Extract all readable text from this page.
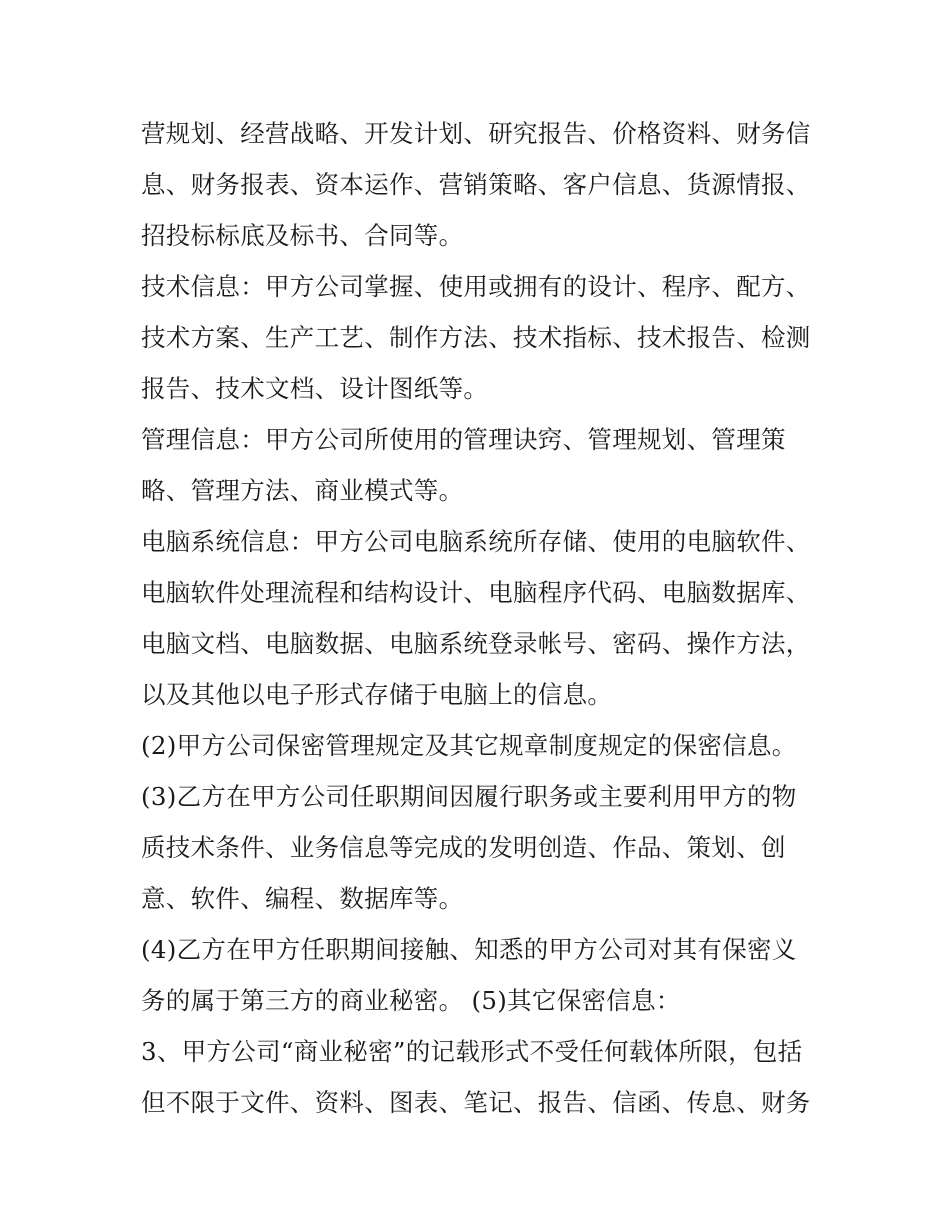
营规划、经营战略、开发计划、研究报告、价格资料、财务信
息、财务报表、资本运作、营销策略、客户信息、货源情报、
招投标标底及标书、合同等。
技术信息：甲方公司掌握、使用或拥有的设计、程序、配方、
技术方案、生产工艺、制作方法、技术指标、技术报告、检测
报告、技术文档、设计图纸等。
管理信息：甲方公司所使用的管理诀窍、管理规划、管理策
略、管理方法、商业模式等。
电脑系统信息：甲方公司电脑系统所存储、使用的电脑软件、
电脑软件处理流程和结构设计、电脑程序代码、电脑数据库、
电脑文档、电脑数据、电脑系统登录帐号、密码、操作方法，
以及其他以电子形式存储于电脑上的信息。
(2)甲方公司保密管理规定及其它规章制度规定的保密信息。
(3)乙方在甲方公司任职期间因履行职务或主要利用甲方的物
质技术条件、业务信息等完成的发明创造、作品、策划、创
意、软件、编程、数据库等。
(4)乙方在甲方任职期间接触、知悉的甲方公司对其有保密义
务的属于第三方的商业秘密。 (5)其它保密信息：
3、甲方公司“商业秘密”的记载形式不受任何载体所限，包括
但不限于文件、资料、图表、笔记、报告、信函、传息、财务
